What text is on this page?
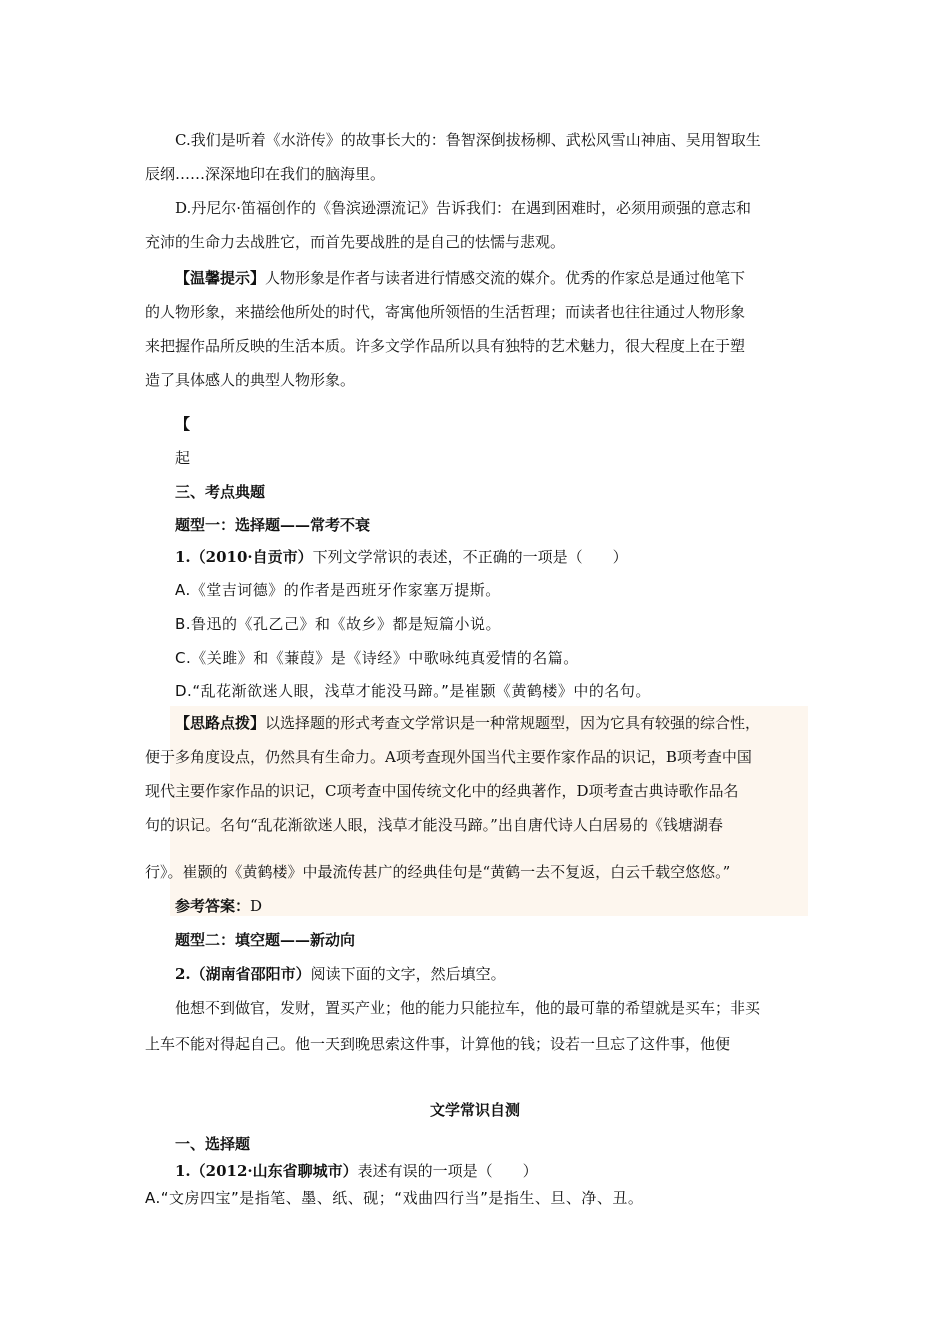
C.我们是听着《水浒传》的故事长大的：鲁智深倒拔杨柳、武松风雪山神庙、吴用智取生
辰纲……深深地印在我们的脑海里。
D.丹尼尔·笛福创作的《鲁滨逊漂流记》告诉我们：在遇到困难时，必须用顽强的意志和
充沛的生命力去战胜它，而首先要战胜的是自己的怯懦与悲观。
【温馨提示】人物形象是作者与读者进行情感交流的媒介。优秀的作家总是通过他笔下
的人物形象，来描绘他所处的时代，寄寓他所领悟的生活哲理；而读者也往往通过人物形象
来把握作品所反映的生活本质。许多文学作品所以具有独特的艺术魅力，很大程度上在于塑
造了具体感人的典型人物形象。
【
起
三、考点典题
题型一：选择题——常考不衰
1.（2010·自贡市）下列文学常识的表述，不正确的一项是（　　）
A.《堂吉诃德》的作者是西班牙作家塞万提斯。
B.鲁迅的《孔乙己》和《故乡》都是短篇小说。
C.《关雎》和《蒹葭》是《诗经》中歌咏纯真爱情的名篇。
D.“乱花渐欲迷人眼，浅草才能没马蹄。”是崔颢《黄鹤楼》中的名句。
【思路点拨】以选择题的形式考查文学常识是一种常规题型，因为它具有较强的综合性，
便于多角度设点，仍然具有生命力。A项考查现外国当代主要作家作品的识记，B项考查中国
现代主要作家作品的识记，C项考查中国传统文化中的经典著作，D项考查古典诗歌作品名
句的识记。名句“乱花渐欲迷人眼，浅草才能没马蹄。”出自唐代诗人白居易的《钱塘湖春
行》。崔颢的《黄鹤楼》中最流传甚广的经典佳句是“黄鹤一去不复返，白云千载空悠悠。”
参考答案：D
题型二：填空题——新动向
2.（湖南省邵阳市）阅读下面的文字，然后填空。
他想不到做官，发财，置买产业；他的能力只能拉车，他的最可靠的希望就是买车；非买
上车不能对得起自己。他一天到晚思索这件事，计算他的钱；设若一旦忘了这件事，他便
文学常识自测
一、选择题
1.（2012·山东省聊城市）表述有误的一项是（　　）
A.“文房四宝”是指笔、墨、纸、砚；“戏曲四行当”是指生、旦、净、丑。
